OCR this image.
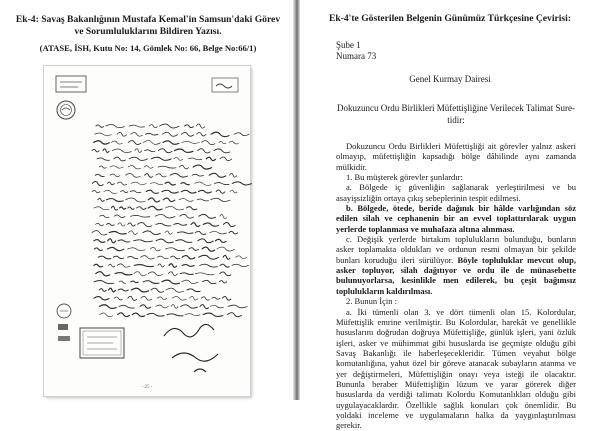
Ek-4: Savaş Bakanlığının Mustafa Kemal'in Samsun'daki Görev ve Sorumluluklarını Bildiren Yazısı.
(ATASE, İSH, Kutu No: 14, Gömlek No: 66, Belge No:66/1)
- 25 -
Ek-4'te Gösterilen Belgenin Günümüz Türkçesine Çevirisi:
Şube 1
Numara 73
Genel Kurmay Dairesi
Dokuzuncu Ordu Birlikleri Müfettişliğine Verilecek Talimat Sure-
tidir:

Dokuzuncu Ordu Birlikleri Müfettişliği ait görevler yalnız askeri olmayıp, müfettişliğin kapsadığı bölge dâhilinde aynı zamanda mülkidir.

1. Bu müşterek görevler şunlardır:

a. Bölgede iç güvenliğin sağlanarak yerleştirilmesi ve bu asayişsizliğin ortaya çıkış sebeplerinin tespit edilmesi.

b. Bölgede, ötede, beride dağınık bir hâlde varlığından söz edilen silah ve cephanenin bir an evvel toplattırılarak uygun yerlerde toplanması ve muhafaza altına alınması.

c. Değişik yerlerde birtakım toplulukların bulunduğu, bunların asker toplamakta oldukları ve ordunun resmi olmayan bir şekilde bunları koruduğu ileri sürülüyor. Böyle topluluklar mevcut olup, asker topluyor, silah dağıtıyor ve ordu ile de münasebette bulunuyorlarsa, kesinlikle men edilerek, bu çeşit bağımsız toplulukların kaldırılması.

2. Bunun İçin :

a. İki tümenli olan 3. ve dört tümenli olan 15. Kolordular, Müfettişlik emrine verilmiştir. Bu Kolordular, harekât ve genellikle hususlarını doğrudan doğruya Müfettişliğe, günlük işleri, yani özlük işleri, asker ve mühimmat gibi hususlarda ise geçmişte olduğu gibi Savaş Bakanlığı ile haberleşecekleridir. Tümen veyahut bölge komutanlığına, yahut özel bir göreve atanacak subayların atanma ve yer değiştirmeleri, Müfettişliğin onayı veya isteği ile olacaktır. Bununla beraber Müfettişliğin lüzum ve yarar görerek diğer hususlarda da verdiği talimatı Kolordu Komutanlıkları olduğu gibi uygulayacaklardır. Özellikle sağlık konuları çok önemlidir. Bu yoldaki inceleme ve uygulamaların halka da yaygınlaştırılması gerekir.
